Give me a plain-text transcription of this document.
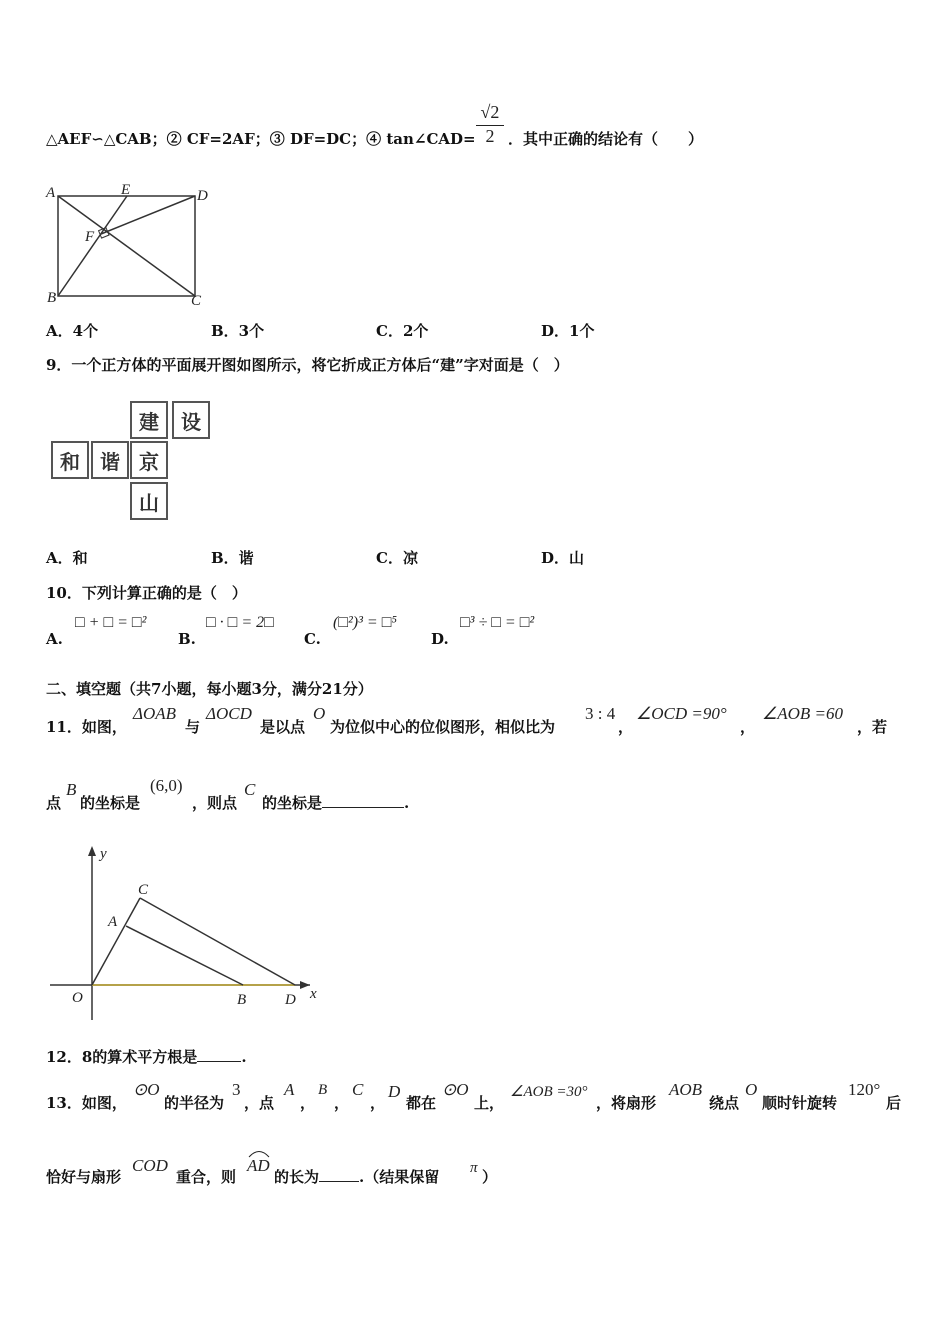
△AEF∽△CAB；② CF=2AF；③ DF=DC；④ tan∠CAD= $\frac{√2}{2}$ ．其中正确的结论有（　　）
A	E	D
F
B	C
A．4个	B．3个	C．2个	D．1个
9．一个正方体的平面展开图如图所示，将它折成正方体后“建”字对面是（　）
建	设
和	谐 京
山
A．和	B．谐	C．凉	D．山
10．下列计算正确的是（　）
A.
□ + □ = □²
B.
□ · □ = 2□
C.
(□²)³ = □⁵
D.
□³ ÷ □ = □²
二、填空题（共7小题，每小题3分，满分21分）
11．如图，
ΔOAB
与
ΔOCD
是以点
O
为位似中心的位似图形，相似比为
3 : 4
，
∠OCD =90°
，
∠AOB =60
，若
点
B
的坐标是
(6,0)
，则点
C
的坐标是	.
y
x
O
A
C
B	D
12．8的算术平方根是	.
13．如图，
⊙O
的半径为
3
，点
A
，
B
，
C
，
D
都在
⊙O
上，
∠AOB =30°
，将扇形
AOB
绕点
O
顺时针旋转
120°
后
恰好与扇形
COD
重合，则
AD
的长为	.（结果保留 π ）
